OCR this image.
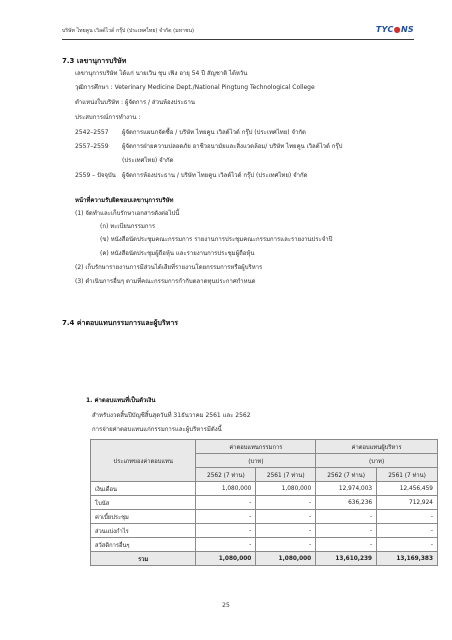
บริษัท ไทยคูน เวิลด์ไวด์ กรุ๊ป (ประเทศไทย) จำกัด (มหาชน)	TYC●NS
7.3 เลขานุการบริษัท
เลขานุการบริษัท ได้แก่ นายเวิน ชุน เฟิง อายุ 54 ปี สัญชาติ ไต้หวัน
วุฒิการศึกษา : Veterinary Medicine Dept./National Pingtung Technological College
ตำแหน่งในบริษัท : ผู้จัดการ / ส่วนห้องประธาน
ประสบการณ์การทำงาน :
2542–2557 ผู้จัดการแผนกจัดซื้อ / บริษัท ไทยคูน เวิลด์ไวด์ กรุ๊ป (ประเทศไทย) จำกัด
2557–2559 ผู้จัดการฝ่ายความปลอดภัย อาชีวอนามัยและสิ่งแวดล้อม/ บริษัท ไทยคูน เวิลด์ไวด์ กรุ๊ป
(ประเทศไทย) จำกัด
2559 – ปัจจุบัน ผู้จัดการห้องประธาน / บริษัท ไทยคูน เวิลด์ไวด์ กรุ๊ป (ประเทศไทย) จำกัด
หน้าที่ความรับผิดชอบเลขานุการบริษัท
(1) จัดทำและเก็บรักษาเอกสารดังต่อไปนี้
(ก) ทะเบียนกรรมการ
(ข) หนังสือนัดประชุมคณะกรรมการ รายงานการประชุมคณะกรรมการและรายงานประจำปี
(ค) หนังสือนัดประชุมผู้ถือหุ้น และรายงานการประชุมผู้ถือหุ้น
(2) เก็บรักษารายงานการมีส่วนได้เสียที่รายงานโดยกรรมการหรือผู้บริหาร
(3) ดำเนินการอื่นๆ ตามที่คณะกรรมการกำกับตลาดทุนประกาศกำหนด
7.4 ค่าตอบแทนกรรมการและผู้บริหาร
1. ค่าตอบแทนที่เป็นตัวเงิน
สำหรับงวดสิ้นปีบัญชีสิ้นสุดวันที่ 31ธันวาคม 2561 และ 2562
การจ่ายค่าตอบแทนแก่กรรมการและผู้บริหารมีดังนี้
ประเภทของค่าตอบแทน	ค่าตอบแทนกรรมการ		ค่าตอบแทนผู้บริหาร	
	(บาท)		(บาท)	
	2562 (7 ท่าน)	2561 (7 ท่าน)	2562 (7 ท่าน)	2561 (7 ท่าน)
เงินเดือน	1,080,000	1,080,000	12,974,003	12,456,459
โบนัส	-	-	636,236	712,924
ค่าเบี้ยประชุม	-	-	-	-
ส่วนแบ่งกำไร	-	-	-	-
สวัสดิการอื่นๆ	-	-	-	-
รวม	1,080,000	1,080,000	13,610,239	13,169,383
25
